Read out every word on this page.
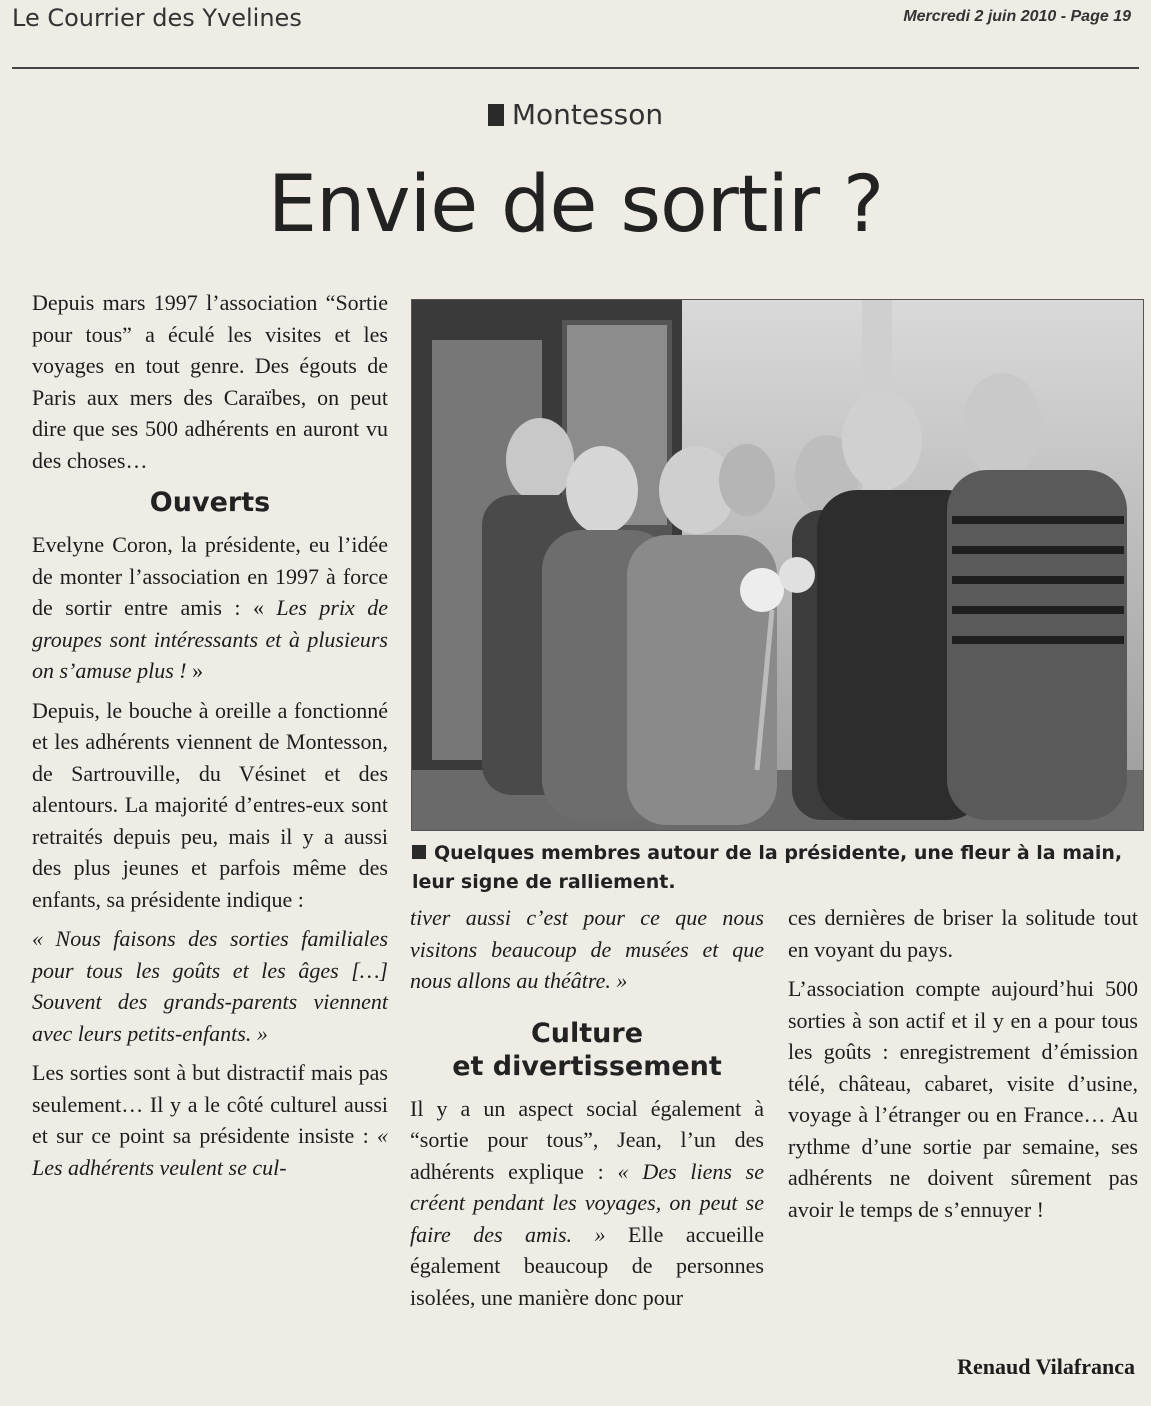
Le Courrier des Yvelines	Mercredi 2 juin 2010 - Page 19
Montesson
Envie de sortir ?

Depuis mars 1997 l’association “Sortie pour tous” a éculé les visites et les voyages en tout genre. Des égouts de Paris aux mers des Caraïbes, on peut dire que ses 500 adhérents en auront vu des choses…

Ouverts

Evelyne Coron, la présidente, eu l’idée de monter l’association en 1997 à force de sortir entre amis : « Les prix de groupes sont intéressants et à plusieurs on s’amuse plus ! »

Depuis, le bouche à oreille a fonctionné et les adhérents viennent de Montesson, de Sartrouville, du Vésinet et des alentours. La majorité d’entres-eux sont retraités depuis peu, mais il y a aussi des plus jeunes et parfois même des enfants, sa présidente indique :

« Nous faisons des sorties familiales pour tous les goûts et les âges […] Souvent des grands-parents viennent avec leurs petits-enfants. »

Les sorties sont à but distractif mais pas seulement… Il y a le côté culturel aussi et sur ce point sa présidente insiste : « Les adhérents veulent se cul-

Quelques membres autour de la présidente, une fleur à la main, leur signe de ralliement.

tiver aussi c’est pour ce que nous visitons beaucoup de musées et que nous allons au théâtre. »

Culture
et divertissement

Il y a un aspect social également à “sortie pour tous”, Jean, l’un des adhérents explique : « Des liens se créent pendant les voyages, on peut se faire des amis. » Elle accueille également beaucoup de personnes isolées, une manière donc pour

ces dernières de briser la solitude tout en voyant du pays.

L’association compte aujourd’hui 500 sorties à son actif et il y en a pour tous les goûts : enregistrement d’émission télé, château, cabaret, visite d’usine, voyage à l’étranger ou en France… Au rythme d’une sortie par semaine, ses adhérents ne doivent sûrement pas avoir le temps de s’ennuyer !

Renaud Vilafranca
